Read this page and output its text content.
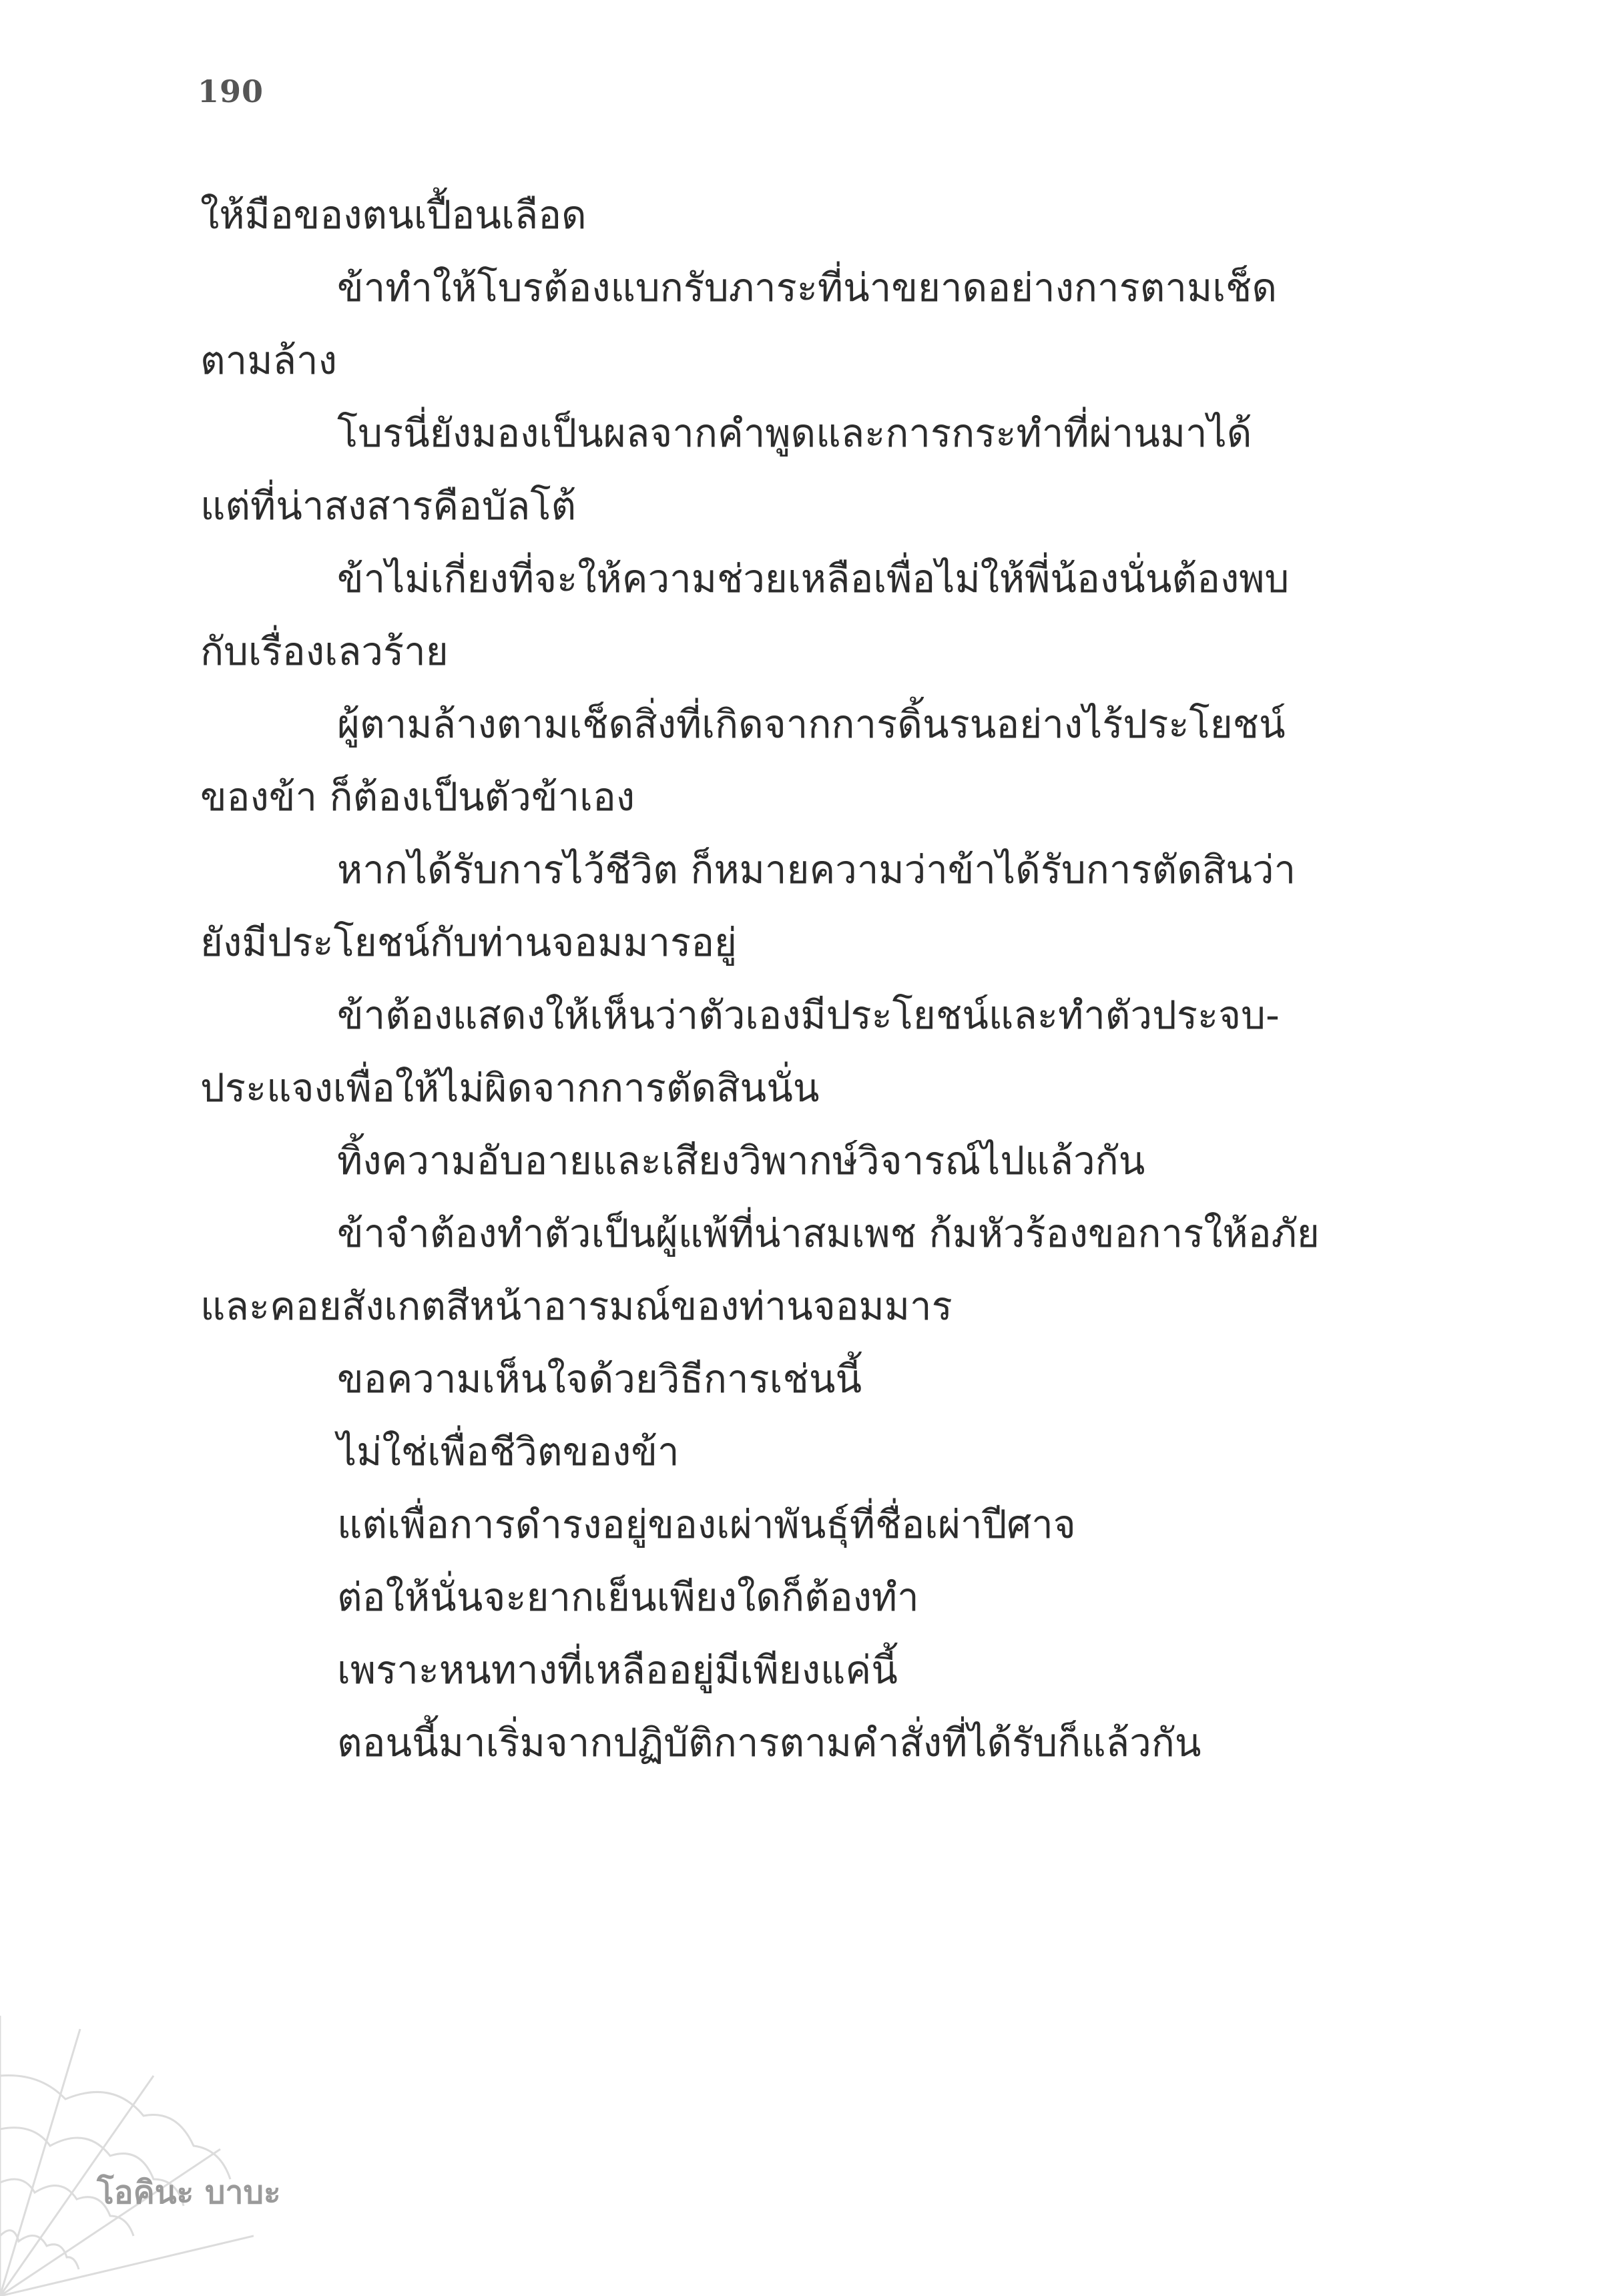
190
ให้มือของตนเปื้อนเลือด
ข้าทำให้โบรต้องแบกรับภาระที่น่าขยาดอย่างการตามเช็ด
ตามล้าง
โบรนี่ยังมองเป็นผลจากคำพูดและการกระทำที่ผ่านมาได้
แต่ที่น่าสงสารคือบัลโต้
ข้าไม่เกี่ยงที่จะให้ความช่วยเหลือเพื่อไม่ให้พี่น้องนั่นต้องพบ
กับเรื่องเลวร้าย
ผู้ตามล้างตามเช็ดสิ่งที่เกิดจากการดิ้นรนอย่างไร้ประโยชน์
ของข้า ก็ต้องเป็นตัวข้าเอง
หากได้รับการไว้ชีวิต ก็หมายความว่าข้าได้รับการตัดสินว่า
ยังมีประโยชน์กับท่านจอมมารอยู่
ข้าต้องแสดงให้เห็นว่าตัวเองมีประโยชน์และทำตัวประจบ-
ประแจงเพื่อให้ไม่ผิดจากการตัดสินนั่น
ทิ้งความอับอายและเสียงวิพากษ์วิจารณ์ไปแล้วกัน
ข้าจำต้องทำตัวเป็นผู้แพ้ที่น่าสมเพช ก้มหัวร้องขอการให้อภัย
และคอยสังเกตสีหน้าอารมณ์ของท่านจอมมาร
ขอความเห็นใจด้วยวิธีการเช่นนี้
ไม่ใช่เพื่อชีวิตของข้า
แต่เพื่อการดำรงอยู่ของเผ่าพันธุ์ที่ชื่อเผ่าปีศาจ
ต่อให้นั่นจะยากเย็นเพียงใดก็ต้องทำ
เพราะหนทางที่เหลืออยู่มีเพียงแค่นี้
ตอนนี้มาเริ่มจากปฏิบัติการตามคำสั่งที่ได้รับก็แล้วกัน
โอคินะ บาบะ
